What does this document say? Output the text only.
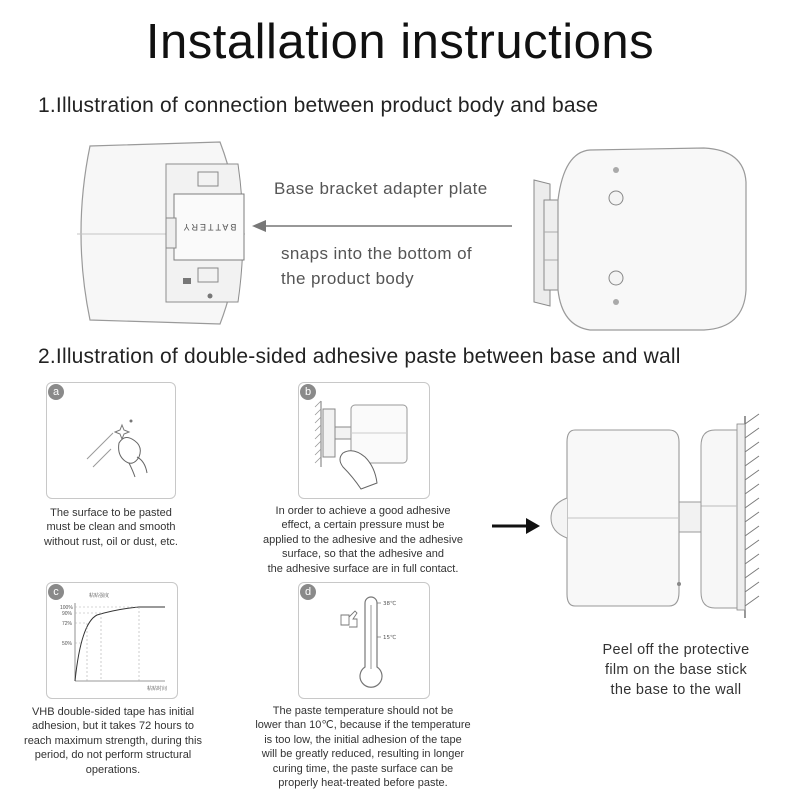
Installation instructions
1.Illustration of connection between product body and base
BATTERY
Base bracket adapter plate
snaps into the bottom of
the product body
2.Illustration of double-sided adhesive paste between base and wall
a
The surface to be pasted
must be clean and smooth
without rust, oil or dust, etc.
b
In order to achieve a good adhesive
effect, a certain pressure must be
applied to the adhesive and the adhesive
surface, so that the adhesive and
the adhesive surface are in full contact.
粘贴强度
粘贴时间
100%
90%
72%
50%
c
VHB double-sided tape has initial
adhesion, but it takes 72 hours to
reach maximum strength, during this
period, do not perform structural
operations.
38℃
15℃
d
The paste temperature should not be
lower than 10℃, because if the temperature
is too low, the initial adhesion of the tape
will be greatly reduced, resulting in longer
curing time, the paste surface can be
properly heat-treated before paste.
Peel off the protective
film on the base stick
the base to the wall
